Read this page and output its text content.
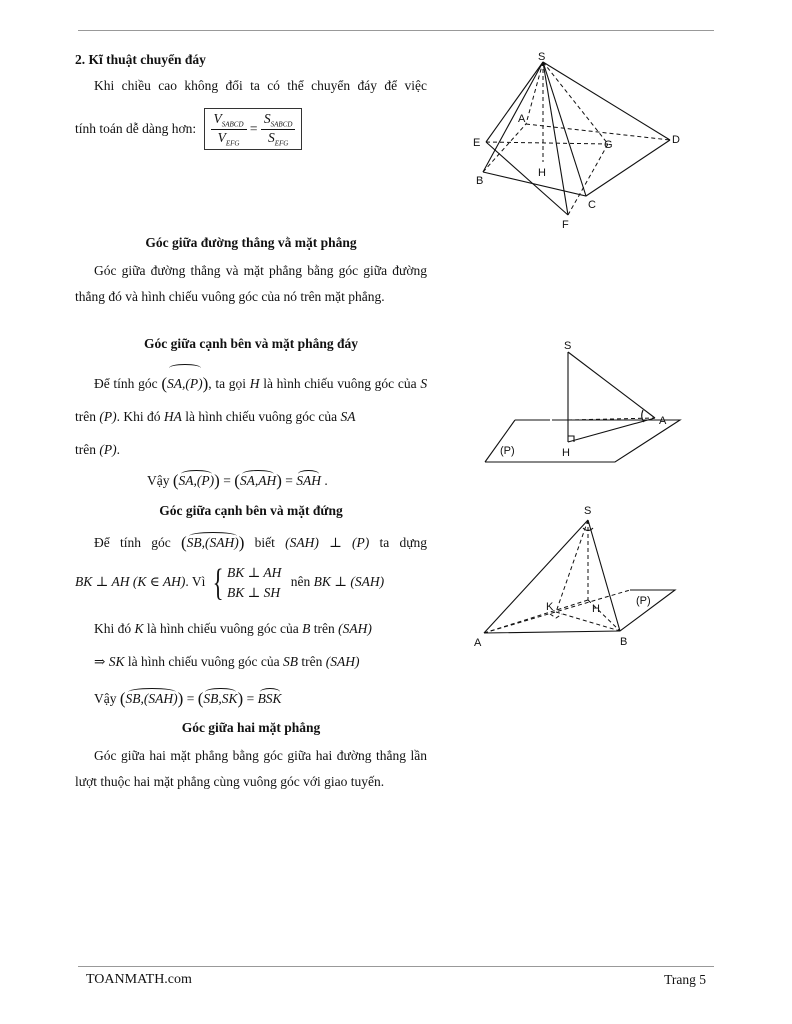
2. Kĩ thuật chuyển đáy
Khi chiều cao không đổi ta có thể chuyển đáy để việc
tính toán dễ dàng hơn: $\frac{V_{SABCD}}{V_{EFG}} = \frac{S_{SABCD}}{S_{EFG}}$
Góc giữa đường thẳng vằ mặt phẳng
Góc giữa đường thẳng và mặt phẳng bằng góc giữa đường thẳng đó và hình chiếu vuông góc của nó trên mặt phẳng.
Góc giữa cạnh bên và mặt phẳng đáy
Để tính góc (SA,(P)), ta gọi H là hình chiếu vuông góc của S trên (P). Khi đó HA là hình chiếu vuông góc của SA
trên (P).
Vậy (SA,(P)) = (SA,AH) = SAH .
Góc giữa cạnh bên và mặt đứng
Để tính góc (SB,(SAH)) biết (SAH) ⊥ (P) ta dựng
BK ⊥ AH (K ∈ AH). Vì { BK ⊥ AH
BK ⊥ SH nên BK ⊥ (SAH)
Khi đó K là hình chiếu vuông góc của B trên (SAH)
⇒ SK là hình chiếu vuông góc của SB trên (SAH)
Vậy (SB,(SAH)) = (SB,SK) = BSK
Góc giữa hai mặt phẳng
Góc giữa hai mặt phẳng bằng góc giữa hai đường thẳng lần lượt thuộc hai mặt phẳng cùng vuông góc với giao tuyến.
S
A
E	G	D
H
B
F
C
S
A
H
(P)
S
K	H
(P)
A	B
TOANMATH.com	Trang 5
